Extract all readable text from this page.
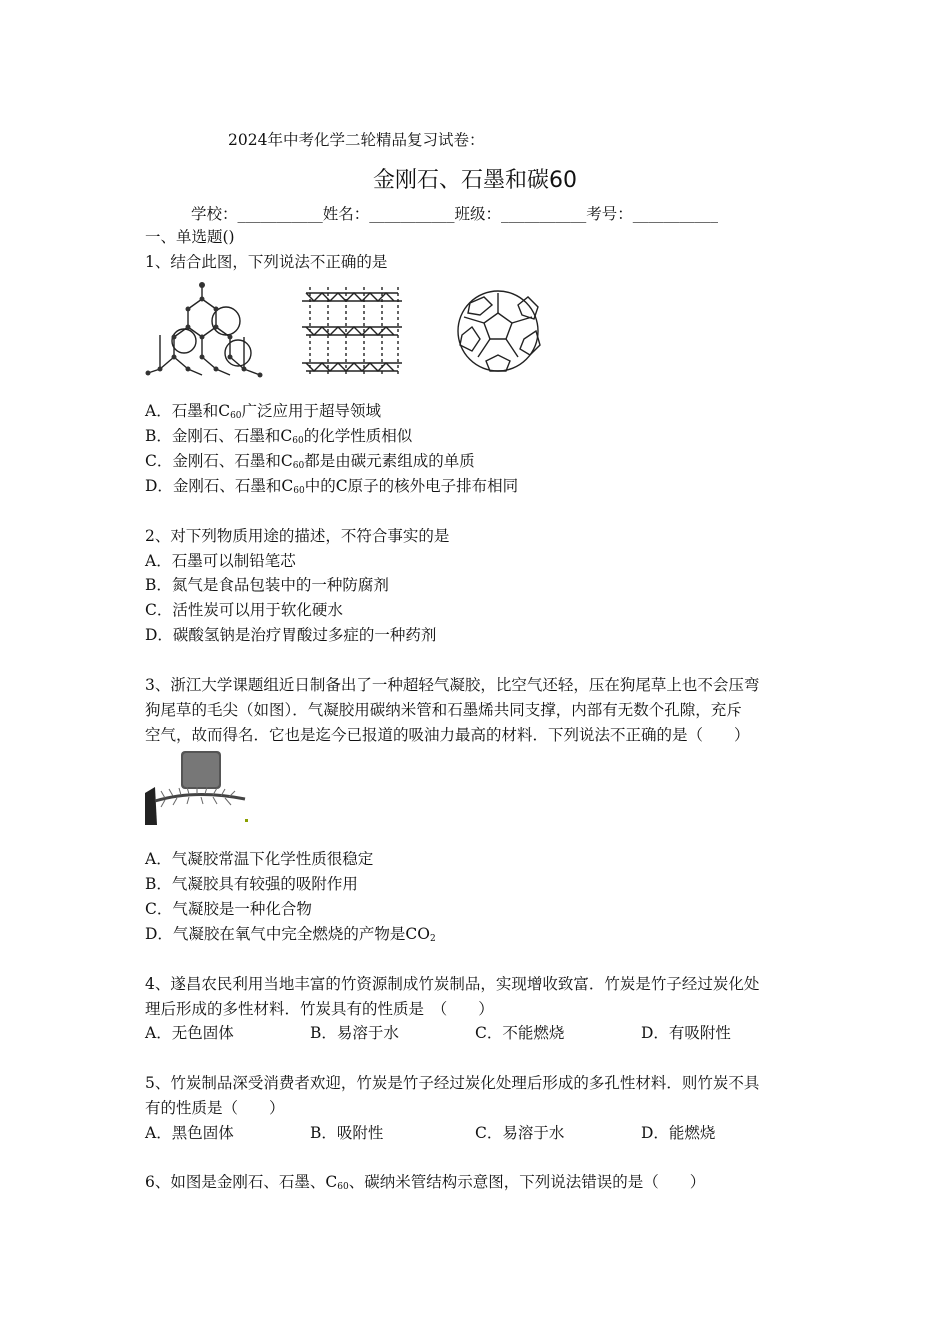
2024年中考化学二轮精品复习试卷：
金刚石、石墨和碳60
学校：___________姓名：___________班级：___________考号：___________
一、单选题()
1、结合此图，下列说法不正确的是
A．石墨和$C_{60}$广泛应用于超导领域
B．金刚石、石墨和$C_{60}$的化学性质相似
C．金刚石、石墨和$C_{60}$都是由碳元素组成的单质
D．金刚石、石墨和$C_{60}$中的C原子的核外电子排布相同
2、对下列物质用途的描述，不符合事实的是
A．石墨可以制铅笔芯
B．氮气是食品包装中的一种防腐剂
C．活性炭可以用于软化硬水
D．碳酸氢钠是治疗胃酸过多症的一种药剂
3、浙江大学课题组近日制备出了一种超轻气凝胶，比空气还轻，压在狗尾草上也不会压弯
狗尾草的毛尖（如图）．气凝胶用碳纳米管和石墨烯共同支撑，内部有无数个孔隙，充斥
空气，故而得名．它也是迄今已报道的吸油力最高的材料．下列说法不正确的是（　　）
A．气凝胶常温下化学性质很稳定
B．气凝胶具有较强的吸附作用
C．气凝胶是一种化合物
D．气凝胶在氧气中完全燃烧的产物是$CO_2$
4、遂昌农民利用当地丰富的竹资源制成竹炭制品，实现增收致富．竹炭是竹子经过炭化处
理后形成的多性材料．竹炭具有的性质是　（　　）
A．无色固体	B．易溶于水	C．不能燃烧	D．有吸附性
5、竹炭制品深受消费者欢迎，竹炭是竹子经过炭化处理后形成的多孔性材料．则竹炭不具
有的性质是（　　）
A．黑色固体	B．吸附性	C．易溶于水	D．能燃烧
6、如图是金刚石、石墨、$C_{60}$、碳纳米管结构示意图，下列说法错误的是（　　）
